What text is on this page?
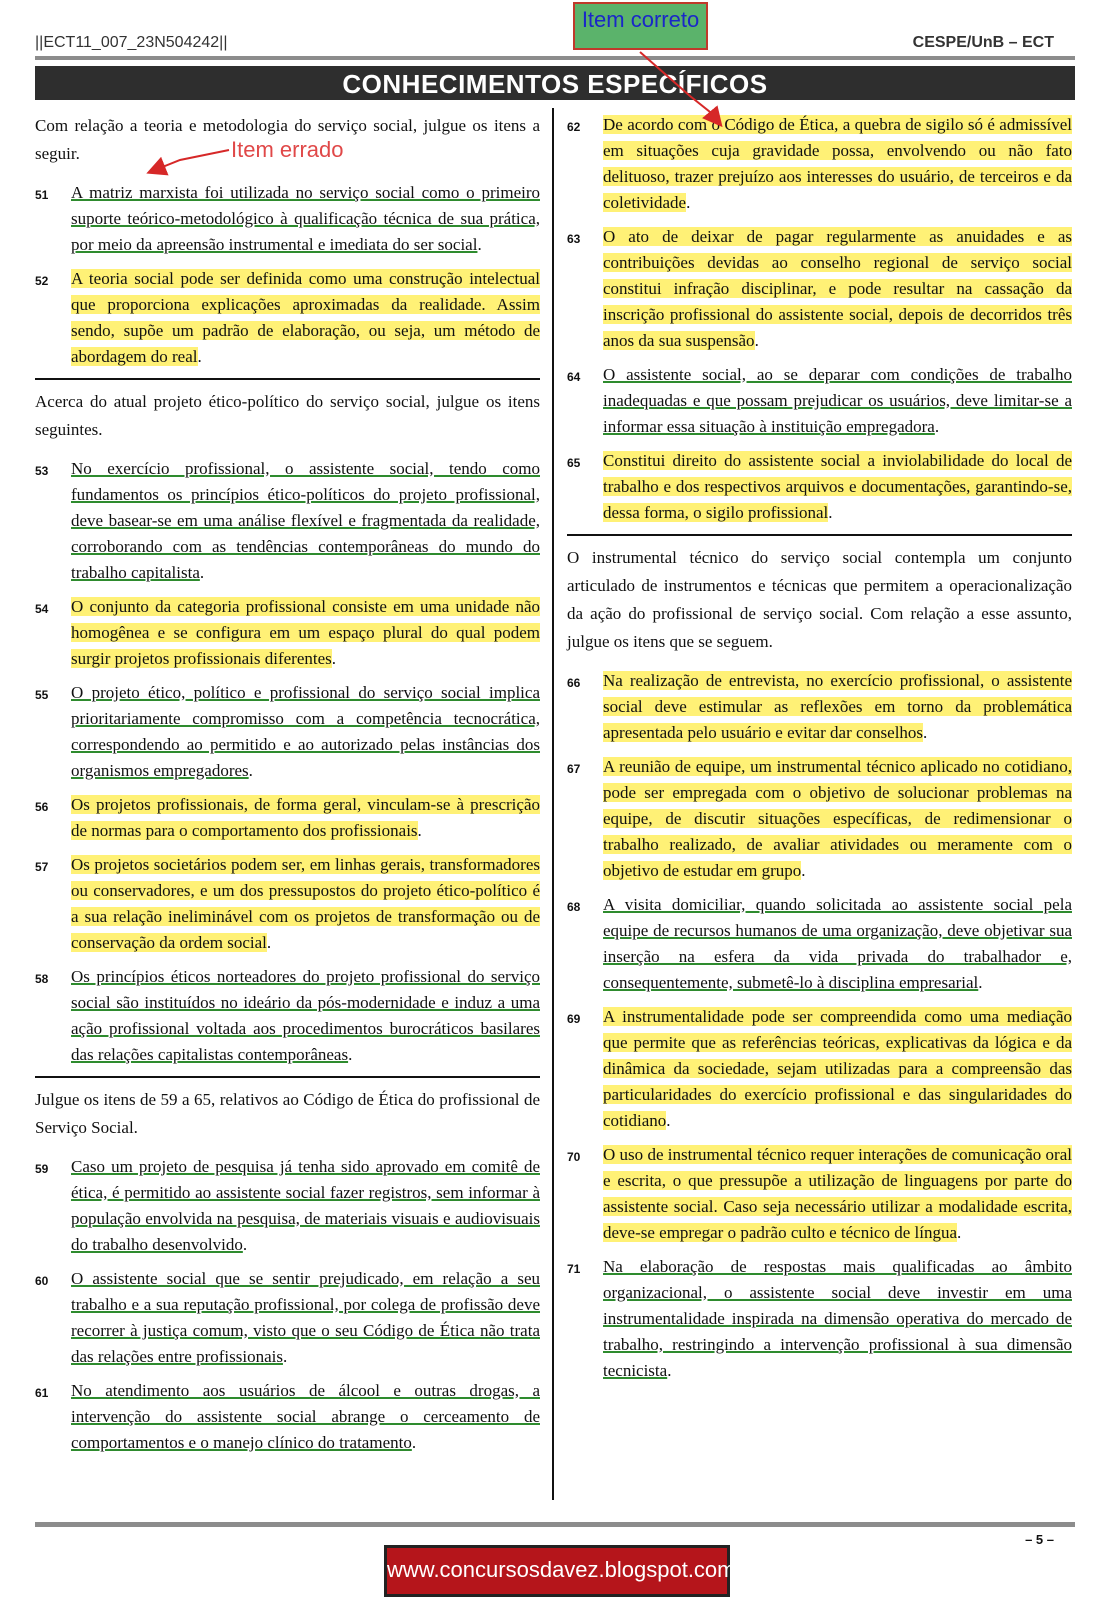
||ECT11_007_23N504242||	CESPE/UnB – ECT
CONHECIMENTOS ESPECÍFICOS

Com relação a teoria e metodologia do serviço social, julgue os itens a seguir.

51 A matriz marxista foi utilizada no serviço social como o primeiro suporte teórico-metodológico à qualificação técnica de sua prática, por meio da apreensão instrumental e imediata do ser social.
52 A teoria social pode ser definida como uma construção intelectual que proporciona explicações aproximadas da realidade. Assim sendo, supõe um padrão de elaboração, ou seja, um método de abordagem do real.

Acerca do atual projeto ético-político do serviço social, julgue os itens seguintes.

53 No exercício profissional, o assistente social, tendo como fundamentos os princípios ético-políticos do projeto profissional, deve basear-se em uma análise flexível e fragmentada da realidade, corroborando com as tendências contemporâneas do mundo do trabalho capitalista.
54 O conjunto da categoria profissional consiste em uma unidade não homogênea e se configura em um espaço plural do qual podem surgir projetos profissionais diferentes.
55 O projeto ético, político e profissional do serviço social implica prioritariamente compromisso com a competência tecnocrática, correspondendo ao permitido e ao autorizado pelas instâncias dos organismos empregadores.
56 Os projetos profissionais, de forma geral, vinculam-se à prescrição de normas para o comportamento dos profissionais.
57 Os projetos societários podem ser, em linhas gerais, transformadores ou conservadores, e um dos pressupostos do projeto ético-político é a sua relação ineliminável com os projetos de transformação ou de conservação da ordem social.
58 Os princípios éticos norteadores do projeto profissional do serviço social são instituídos no ideário da pós-modernidade e induz a uma ação profissional voltada aos procedimentos burocráticos basilares das relações capitalistas contemporâneas.

Julgue os itens de 59 a 65, relativos ao Código de Ética do profissional de Serviço Social.

59 Caso um projeto de pesquisa já tenha sido aprovado em comitê de ética, é permitido ao assistente social fazer registros, sem informar à população envolvida na pesquisa, de materiais visuais e audiovisuais do trabalho desenvolvido.
60 O assistente social que se sentir prejudicado, em relação a seu trabalho e a sua reputação profissional, por colega de profissão deve recorrer à justiça comum, visto que o seu Código de Ética não trata das relações entre profissionais.
61 No atendimento aos usuários de álcool e outras drogas, a intervenção do assistente social abrange o cerceamento de comportamentos e o manejo clínico do tratamento.
62 De acordo com o Código de Ética, a quebra de sigilo só é admissível em situações cuja gravidade possa, envolvendo ou não fato delituoso, trazer prejuízo aos interesses do usuário, de terceiros e da coletividade.
63 O ato de deixar de pagar regularmente as anuidades e as contribuições devidas ao conselho regional de serviço social constitui infração disciplinar, e pode resultar na cassação da inscrição profissional do assistente social, depois de decorridos três anos da sua suspensão.
64 O assistente social, ao se deparar com condições de trabalho inadequadas e que possam prejudicar os usuários, deve limitar-se a informar essa situação à instituição empregadora.
65 Constitui direito do assistente social a inviolabilidade do local de trabalho e dos respectivos arquivos e documentações, garantindo-se, dessa forma, o sigilo profissional.

O instrumental técnico do serviço social contempla um conjunto articulado de instrumentos e técnicas que permitem a operacionalização da ação do profissional de serviço social. Com relação a esse assunto, julgue os itens que se seguem.

66 Na realização de entrevista, no exercício profissional, o assistente social deve estimular as reflexões em torno da problemática apresentada pelo usuário e evitar dar conselhos.
67 A reunião de equipe, um instrumental técnico aplicado no cotidiano, pode ser empregada com o objetivo de solucionar problemas na equipe, de discutir situações específicas, de redimensionar o trabalho realizado, de avaliar atividades ou meramente com o objetivo de estudar em grupo.
68 A visita domiciliar, quando solicitada ao assistente social pela equipe de recursos humanos de uma organização, deve objetivar sua inserção na esfera da vida privada do trabalhador e, consequentemente, submetê-lo à disciplina empresarial.
69 A instrumentalidade pode ser compreendida como uma mediação que permite que as referências teóricas, explicativas da lógica e da dinâmica da sociedade, sejam utilizadas para a compreensão das particularidades do exercício profissional e das singularidades do cotidiano.
70 O uso de instrumental técnico requer interações de comunicação oral e escrita, o que pressupõe a utilização de linguagens por parte do assistente social. Caso seja necessário utilizar a modalidade escrita, deve-se empregar o padrão culto e técnico de língua.
71 Na elaboração de respostas mais qualificadas ao âmbito organizacional, o assistente social deve investir em uma instrumentalidade inspirada na dimensão operativa do mercado de trabalho, restringindo a intervenção profissional à sua dimensão tecnicista.
Item correto
Item errado
– 5 –
www.concursosdavez.blogspot.com.br
